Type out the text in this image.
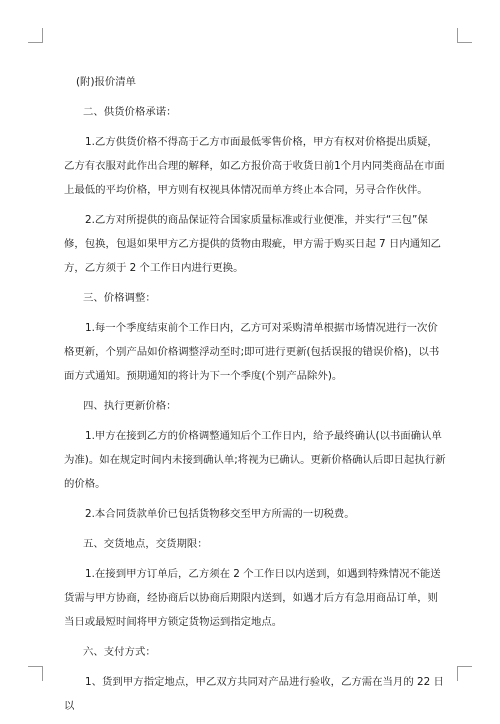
(附)报价清单
二、供货价格承诺：
1.乙方供货价格不得高于乙方市面最低零售价格，甲方有权对价格提出质疑，乙方有衣服对此作出合理的解释，如乙方报价高于收货日前1个月内同类商品在市面上最低的平均价格，甲方则有权视具体情况而单方终止本合同，另寻合作伙伴。
2.乙方对所提供的商品保证符合国家质量标准或行业便准，并实行“三包”保修，包换，包退如果甲方乙方提供的货物由瑕疵，甲方需于购买日起 7 日内通知乙方，乙方须于 2 个工作日内进行更换。
三、价格调整：
1.每一个季度结束前个工作日内，乙方可对采购清单根据市场情况进行一次价格更新，个别产品如价格调整浮动至时;即可进行更新(包括误报的错误价格)，以书面方式通知。预期通知的将计为下一个季度(个别产品除外)。
四、执行更新价格：
1.甲方在接到乙方的价格调整通知后个工作日内，给予最终确认(以书面确认单为准)。如在规定时间内未接到确认单;将视为已确认。更新价格确认后即日起执行新的价格。
2.本合同货款单价已包括货物移交至甲方所需的一切税费。
五、交货地点，交货期限：
1.在接到甲方订单后，乙方须在 2 个工作日以内送到，如遇到特殊情况不能送货需与甲方协商，经协商后以协商后期限内送到，如遇才后方有急用商品订单，则当日或最短时间将甲方锁定货物运到指定地点。
六、支付方式：
1、货到甲方指定地点，甲乙双方共同对产品进行验收，乙方需在当月的 22 日以
